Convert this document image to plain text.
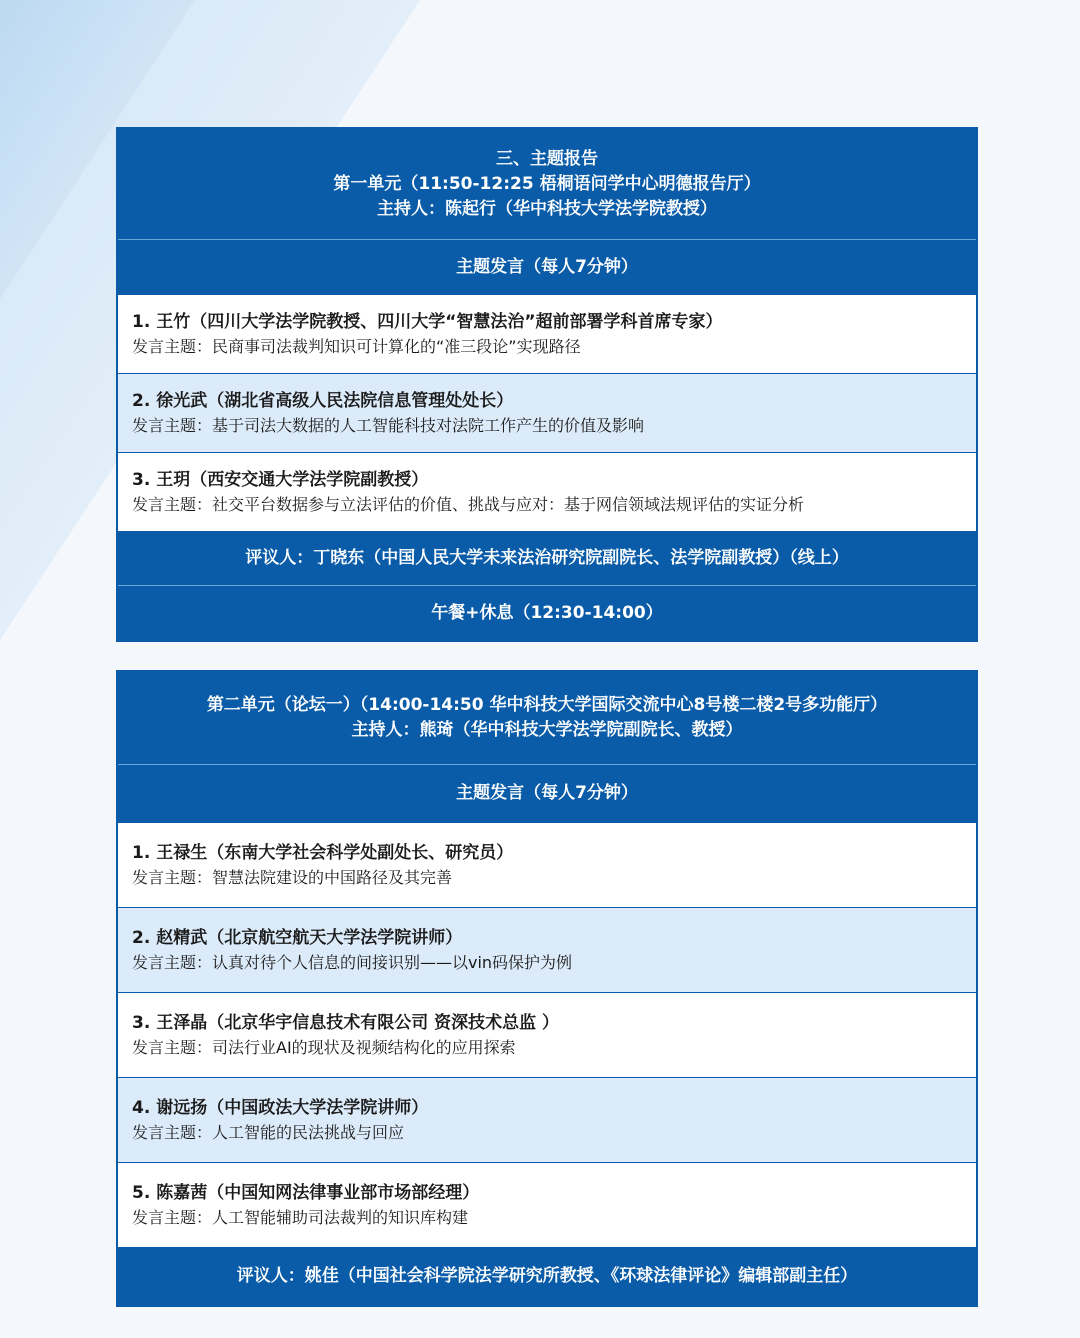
三、主题报告
第一单元（11:50-12:25 梧桐语问学中心明德报告厅）
主持人：陈起行（华中科技大学法学院教授）
主题发言（每人7分钟）
1. 王竹（四川大学法学院教授、四川大学“智慧法治”超前部署学科首席专家）
发言主题：民商事司法裁判知识可计算化的“准三段论”实现路径
2. 徐光武（湖北省高级人民法院信息管理处处长）
发言主题：基于司法大数据的人工智能科技对法院工作产生的价值及影响
3. 王玥（西安交通大学法学院副教授）
发言主题：社交平台数据参与立法评估的价值、挑战与应对：基于网信领域法规评估的实证分析
评议人：丁晓东（中国人民大学未来法治研究院副院长、法学院副教授）（线上）
午餐+休息（12:30-14:00）
第二单元（论坛一）（14:00-14:50 华中科技大学国际交流中心8号楼二楼2号多功能厅）
主持人：熊琦（华中科技大学法学院副院长、教授）
主题发言（每人7分钟）
1. 王禄生（东南大学社会科学处副处长、研究员）
发言主题：智慧法院建设的中国路径及其完善
2. 赵精武（北京航空航天大学法学院讲师）
发言主题：认真对待个人信息的间接识别——以vin码保护为例
3. 王泽晶（北京华宇信息技术有限公司 资深技术总监 ）
发言主题：司法行业AI的现状及视频结构化的应用探索
4. 谢远扬（中国政法大学法学院讲师）
发言主题：人工智能的民法挑战与回应
5. 陈嘉茜（中国知网法律事业部市场部经理）
发言主题：人工智能辅助司法裁判的知识库构建
评议人：姚佳（中国社会科学院法学研究所教授、《环球法律评论》编辑部副主任）
